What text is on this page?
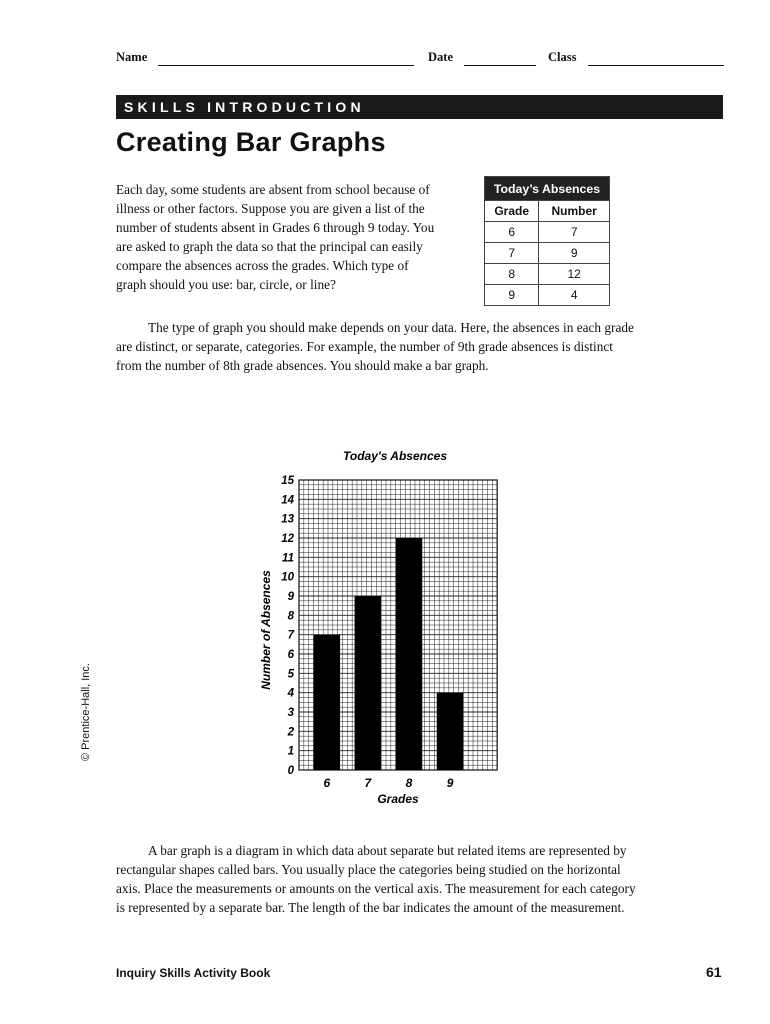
Name	Date	Class
SKILLS INTRODUCTION
Creating Bar Graphs

Each day, some students are absent from school because of illness or other factors. Suppose you are given a list of the number of students absent in Grades 6 through 9 today. You are asked to graph the data so that the principal can easily compare the absences across the grades. Which type of graph should you use: bar, circle, or line?

Today’s Absences	
Grade	Number
6	7
7	9
8	12
9	4

The type of graph you should make depends on your data. Here, the absences in each grade are distinct, or separate, categories. For example, the number of 9th grade absences is distinct from the number of 8th grade absences. You should make a bar graph.

Today's Absences
0
1
2
3
4
5
6
7
8
9
10
11
12
13
14
15
6	7	8	9
Number of Absences
Grades

A bar graph is a diagram in which data about separate but related items are represented by rectangular shapes called bars. You usually place the categories being studied on the horizontal axis. Place the measurements or amounts on the vertical axis. The measurement for each category is represented by a separate bar. The length of the bar indicates the amount of the measurement.

© Prentice-Hall, Inc.
Inquiry Skills Activity Book	61
